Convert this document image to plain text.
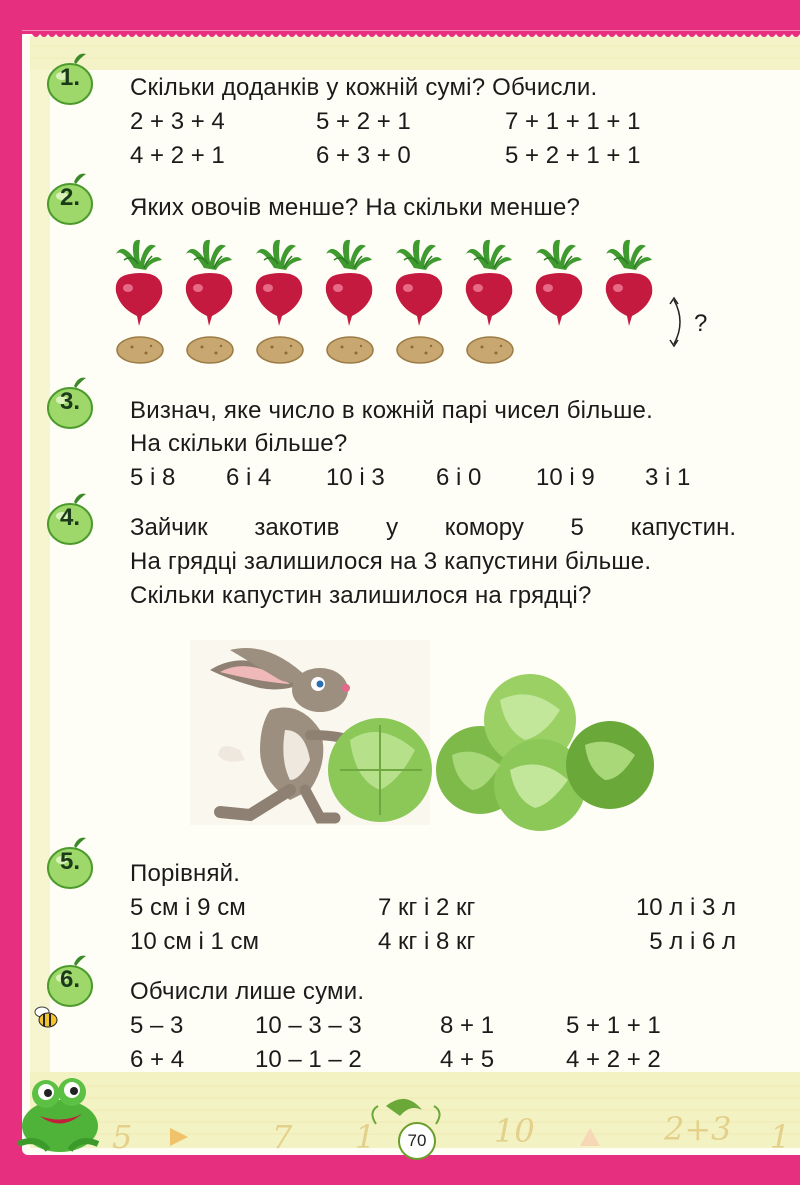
1.	Скільки доданків у кожній сумі? Обчисли.
2 + 3 + 4	5 + 2 + 1	7 + 1 + 1 + 1
4 + 2 + 1	6 + 3 + 0	5 + 2 + 1 + 1
2.	Яких овочів менше? На скільки менше?
?
3.	Визнач, яке число в кожній парі чисел більше.
На скільки більше?
5 і 8 6 і 4 10 і 3 6 і 0 10 і 9 3 і 1
4.	Зайчик закотив у комору 5 капустин.
На грядці залишилося на 3 капустини більше.
Скільки капустин залишилося на грядці?
5.	Порівняй.
5 см і 9 см	7 кг і 2 кг	10 л і 3 л
10 см і 1 см	4 кг і 8 кг	5 л і 6 л
6.	Обчисли лише суми.
5 – 3	10 – 3 – 3	8 + 1	5 + 1 + 1
6 + 4	10 – 1 – 2	4 + 5	4 + 2 + 2
5	7 1	10	2+3 1
70
